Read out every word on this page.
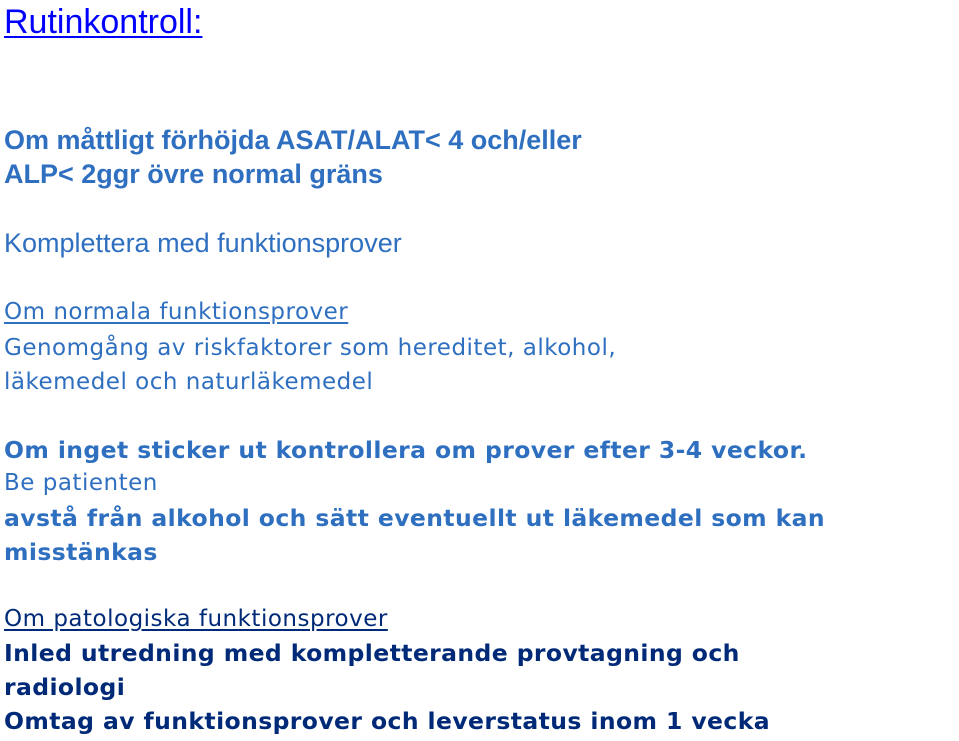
Rutinkontroll:

Om måttligt förhöjda ASAT/ALAT< 4 och/eller

ALP< 2ggr övre normal gräns

Komplettera med funktionsprover

Om normala funktionsprover

Genomgång av riskfaktorer som hereditet, alkohol,

läkemedel och naturläkemedel

Om inget sticker ut kontrollera om prover efter 3-4 veckor.

Be patienten

avstå från alkohol och sätt eventuellt ut läkemedel som kan

misstänkas

Om patologiska funktionsprover

Inled utredning med kompletterande provtagning och

radiologi

Omtag av funktionsprover och leverstatus inom 1 vecka
